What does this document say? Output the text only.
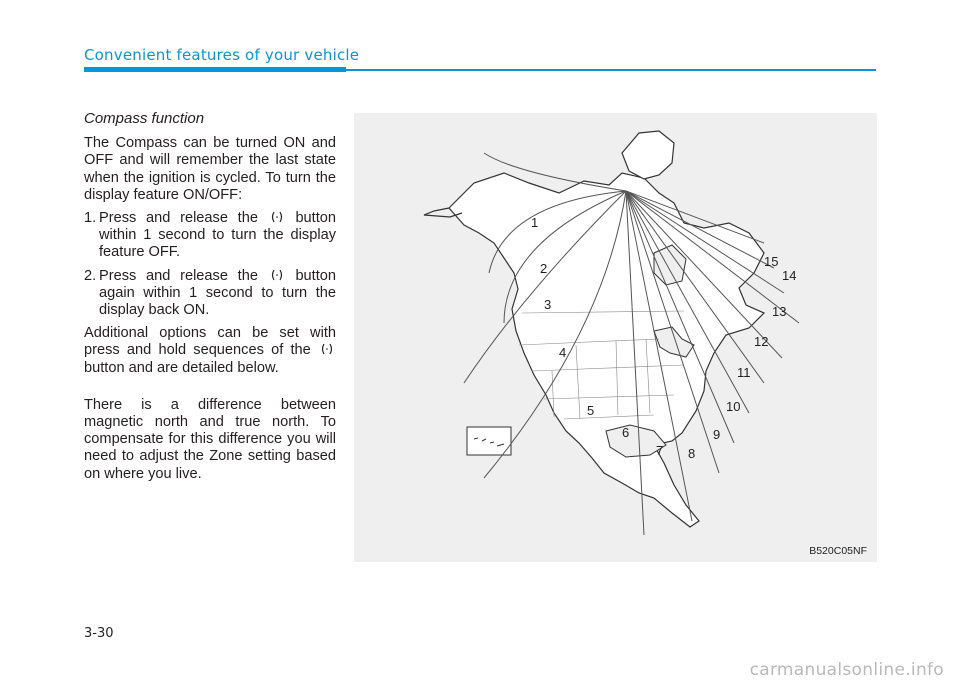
Convenient features of your vehicle
Compass function

The Compass can be turned ON and OFF and will remember the last state when the ignition is cycled. To turn the display feature ON/OFF:

1. Press and release the	button within 1 second to turn the display feature OFF.
2. Press and release the	button again within 1 second to turn the display back ON.

Additional options can be set with press and hold sequences of the  button and are detailed below.

There is a difference between magnetic north and true north. To compensate for this difference you will need to adjust the Zone setting based on where you live.

1
2
3
4
5
6
7 8
9
10
11
12
13
14
15
B520C05NF
3-30
carmanualsonline.info
